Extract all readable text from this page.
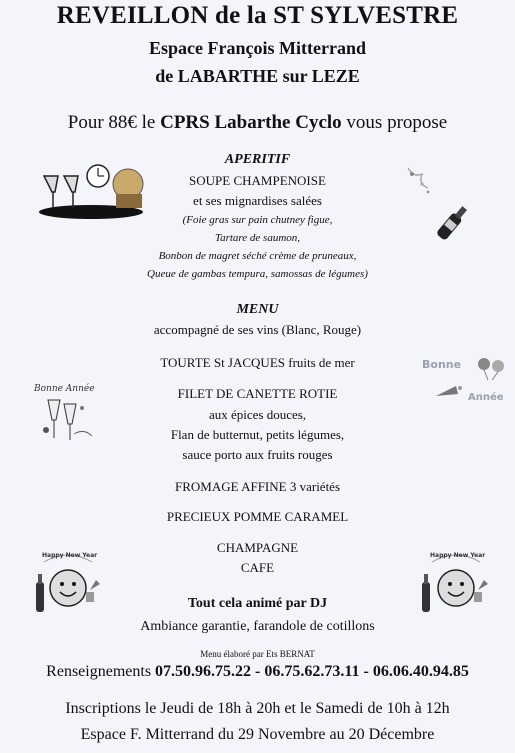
REVEILLON de la ST SYLVESTRE
Espace François Mitterrand
de LABARTHE sur LEZE
Pour 88€ le CPRS Labarthe Cyclo vous propose
APERITIF
SOUPE CHAMPENOISE
et ses mignardises salées
(Foie gras sur pain chutney figue,
Tartare de saumon,
Bonbon de magret séché crème de pruneaux,
Queue de gambas tempura, samossas de légumes)
MENU
accompagné de ses vins (Blanc, Rouge)
TOURTE St JACQUES fruits de mer
FILET DE CANETTE ROTIE
aux épices douces,
Flan de butternut, petits légumes,
sauce porto aux fruits rouges
FROMAGE AFFINE 3 variétés
PRECIEUX POMME CARAMEL
CHAMPAGNE
CAFE
Tout cela animé par DJ
Ambiance garantie, farandole de cotillons
Menu élaboré par Ets BERNAT
Renseignements 07.50.96.75.22 - 06.75.62.73.11 - 06.06.40.94.85
Inscriptions le Jeudi de 18h à 20h et le Samedi de 10h à 12h
Espace F. Mitterrand du 29 Novembre au 20 Décembre
Bonne Année
Bonne
Année
Happy New Year	Happy New Year
